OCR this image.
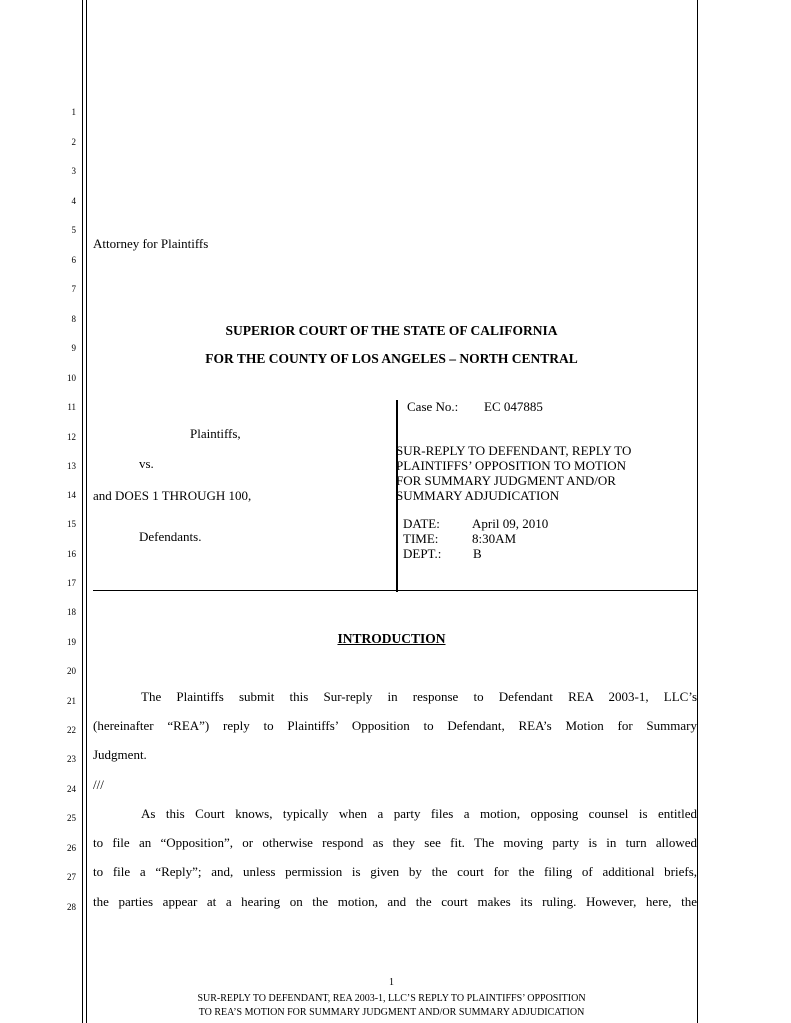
1
2
3
4
5
6
7
8
9
10
11
12
13
14
15
16
17
18
19
20
21
22
23
24
25
26
27
28
Attorney for Plaintiffs
SUPERIOR COURT OF THE STATE OF CALIFORNIA
FOR THE COUNTY OF LOS ANGELES – NORTH CENTRAL
Plaintiffs,
vs.
and DOES 1 THROUGH 100,
Defendants.
Case No.: EC 047885
SUR-REPLY TO DEFENDANT, REPLY TO
PLAINTIFFS’ OPPOSITION TO MOTION
FOR SUMMARY JUDGMENT AND/OR
SUMMARY ADJUDICATION
DATE: April 09, 2010
TIME:	8:30AM
DEPT.: B
INTRODUCTION
The Plaintiffs submit this Sur-reply in response to Defendant REA 2003-1, LLC’s
(hereinafter “REA”) reply to Plaintiffs’ Opposition to Defendant, REA’s Motion for Summary
Judgment.
///
As this Court knows, typically when a party files a motion, opposing counsel is entitled
to file an “Opposition”, or otherwise respond as they see fit. The moving party is in turn allowed
to file a “Reply”; and, unless permission is given by the court for the filing of additional briefs,
the parties appear at a hearing on the motion, and the court makes its ruling. However, here, the
1
SUR-REPLY TO DEFENDANT, REA 2003-1, LLC’S REPLY TO PLAINTIFFS’ OPPOSITION
TO REA’S MOTION FOR SUMMARY JUDGMENT AND/OR SUMMARY ADJUDICATION
